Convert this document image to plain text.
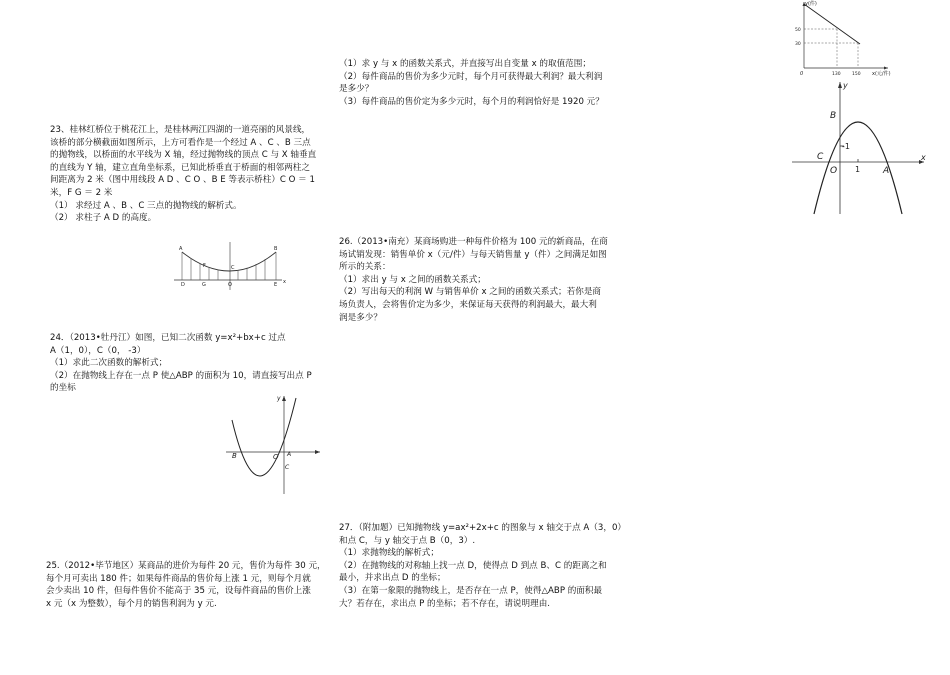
23、桂林红桥位于桃花江上，是桂林两江四湖的一道亮丽的风景线，

该桥的部分横截面如图所示，上方可看作是一个经过 A 、C 、B 三点

的抛物线，以桥面的水平线为 X 轴，经过抛物线的顶点 C 与 X 轴垂直

的直线为 Y 轴，建立直角坐标系，已知此桥垂直于桥面的相邻两柱之

间距离为 2 米（图中用线段 A D 、C O 、B E 等表示桥柱）C O ＝ 1

米，F G ＝ 2 米

（1） 求经过 A 、B 、C 三点的抛物线的解析式。

（2） 求柱子 A D 的高度。

A
F	C
B
D	G	O	E x

24．（2013•牡丹江）如图，已知二次函数 y=x²+bx+c 过点

A（1，0），C（0， -3）

（1）求此二次函数的解析式；

（2）在抛物线上存在一点 P 使△ABP 的面积为 10，请直接写出点 P

的坐标

y
B	O A
C

25.（2012•毕节地区）某商品的进价为每件 20 元，售价为每件 30 元，

每个月可卖出 180 件；如果每件商品的售价每上涨 1 元，则每个月就

会少卖出 10 件，但每件售价不能高于 35 元，设每件商品的售价上涨

x 元（x 为整数），每个月的销售利润为 y 元.

（1）求 y 与 x 的函数关系式，并直接写出自变量 x 的取值范围；

（2）每件商品的售价为多少元时，每个月可获得最大利润？最大利润

是多少？

（3）每件商品的售价定为多少元时，每个月的利润恰好是 1920 元？

26.（2013•南充）某商场购进一种每件价格为 100 元的新商品，在商

场试销发现：销售单价 x（元/件）与每天销售量 y（件）之间满足如图

所示的关系：

（1）求出 y 与 x 之间的函数关系式；

（2）写出每天的利润 W 与销售单价 x 之间的函数关系式；若你是商

场负责人，会将售价定为多少，来保证每天获得的利润最大，最大利

润是多少？

27．（附加题）已知抛物线 y=ax²+2x+c 的图象与 x 轴交于点 A（3，0）

和点 C，与 y 轴交于点 B（0，3）.

（1）求抛物线的解析式；

（2）在抛物线的对称轴上找一点 D，使得点 D 到点 B、C 的距离之和

最小，并求出点 D 的坐标；

（3）在第一象限的抛物线上，是否存在一点 P，使得△ABP 的面积最

大？若存在，求出点 P 的坐标；若不存在，请说明理由.

y(件)
x(元/件)
50
30
0	130	150
y
B
C
-1
O 1	A
x
